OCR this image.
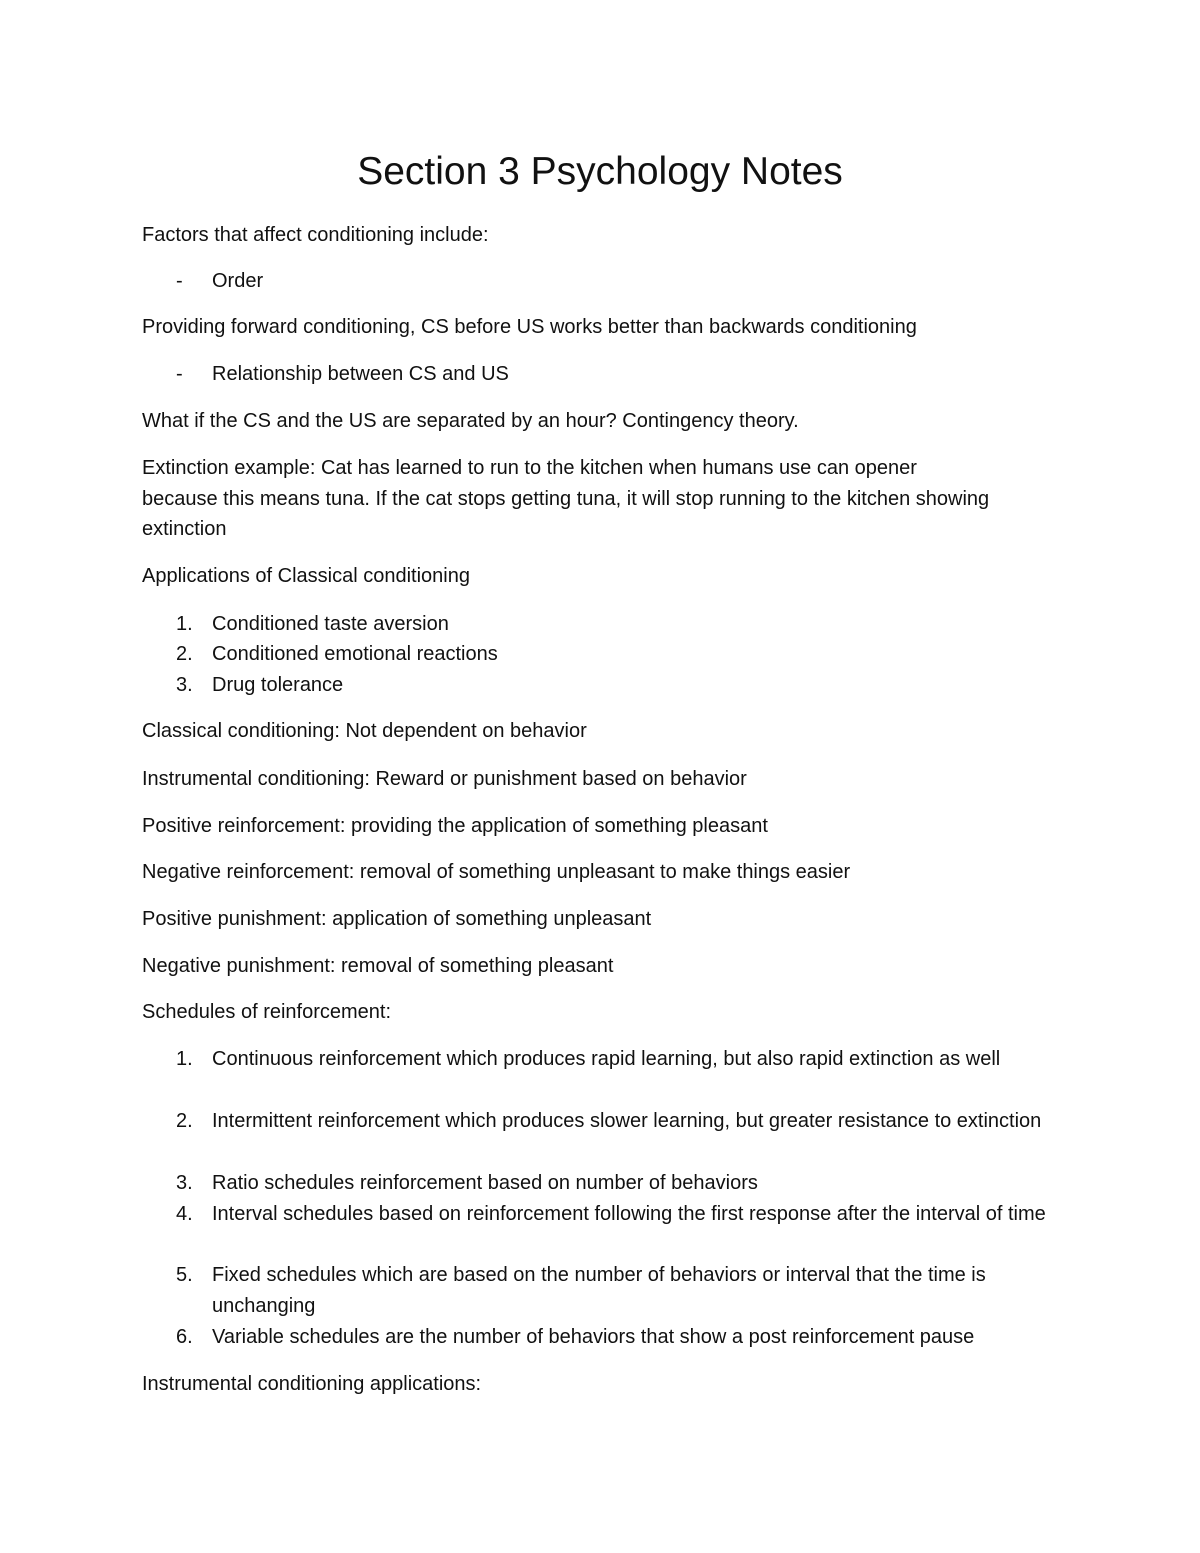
Section 3 Psychology Notes
Factors that affect conditioning include:
- Order
Providing forward conditioning, CS before US works better than backwards conditioning
- Relationship between CS and US
What if the CS and the US are separated by an hour? Contingency theory.
Extinction example: Cat has learned to run to the kitchen when humans use can opener because this means tuna. If the cat stops getting tuna, it will stop running to the kitchen showing extinction
Applications of Classical conditioning
1. Conditioned taste aversion
2. Conditioned emotional reactions
3. Drug tolerance
Classical conditioning: Not dependent on behavior
Instrumental conditioning: Reward or punishment based on behavior
Positive reinforcement: providing the application of something pleasant
Negative reinforcement: removal of something unpleasant to make things easier
Positive punishment: application of something unpleasant
Negative punishment: removal of something pleasant
Schedules of reinforcement:
1. Continuous reinforcement which produces rapid learning, but also rapid extinction as well
2. Intermittent reinforcement which produces slower learning, but greater resistance to extinction
3. Ratio schedules reinforcement based on number of behaviors
4. Interval schedules based on reinforcement following the first response after the interval of time
5. Fixed schedules which are based on the number of behaviors or interval that the time is unchanging
6. Variable schedules are the number of behaviors that show a post reinforcement pause
Instrumental conditioning applications:
